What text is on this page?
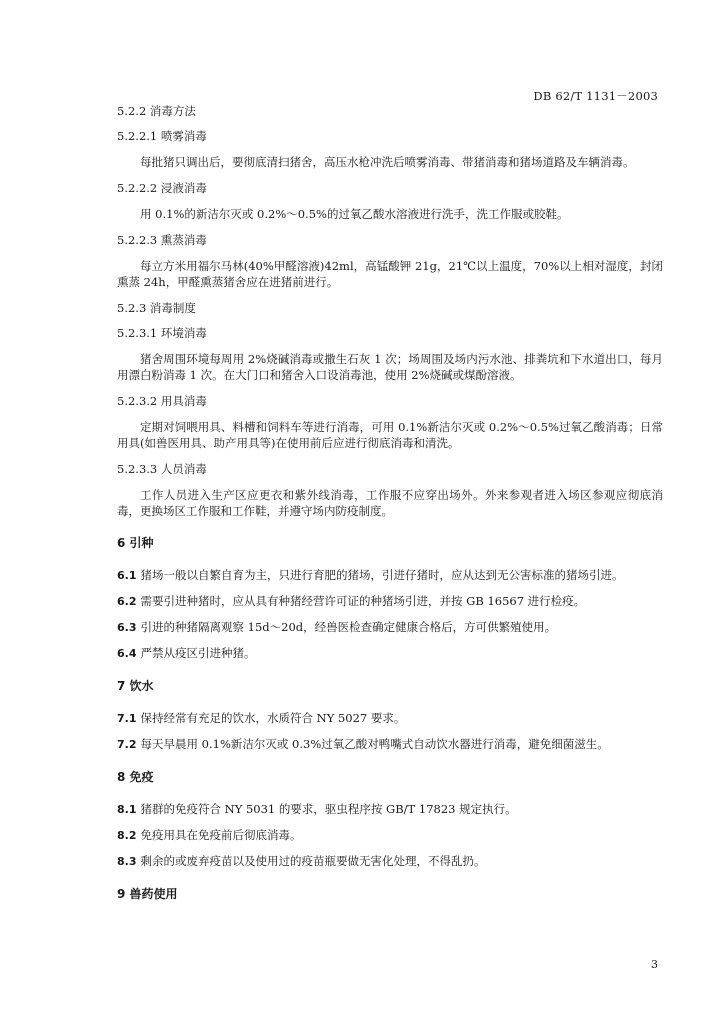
DB 62/T 1131－2003
5.2.2 消毒方法
5.2.2.1 喷雾消毒
每批猪只调出后，要彻底清扫猪舍，高压水枪冲洗后喷雾消毒、带猪消毒和猪场道路及车辆消毒。
5.2.2.2 浸液消毒
用 0.1%的新洁尔灭或 0.2%～0.5%的过氧乙酸水溶液进行洗手，洗工作服或胶鞋。
5.2.2.3 熏蒸消毒
每立方米用福尔马林(40%甲醛溶液)42ml，高锰酸钾 21g，21℃以上温度，70%以上相对湿度，封闭熏蒸 24h，甲醛熏蒸猪舍应在进猪前进行。
5.2.3 消毒制度
5.2.3.1 环境消毒
猪舍周围环境每周用 2%烧碱消毒或撒生石灰 1 次；场周围及场内污水池、排粪坑和下水道出口，每月用漂白粉消毒 1 次。在大门口和猪舍入口设消毒池，使用 2%烧碱或煤酚溶液。
5.2.3.2 用具消毒
定期对饲喂用具、料槽和饲料车等进行消毒，可用 0.1%新洁尔灭或 0.2%～0.5%过氧乙酸消毒；日常用具(如兽医用具、助产用具等)在使用前后应进行彻底消毒和清洗。
5.2.3.3 人员消毒
工作人员进入生产区应更衣和紫外线消毒，工作服不应穿出场外。外来参观者进入场区参观应彻底消毒，更换场区工作服和工作鞋，并遵守场内防疫制度。
6 引种
6.1 猪场一般以自繁自育为主，只进行育肥的猪场，引进仔猪时，应从达到无公害标准的猪场引进。
6.2 需要引进种猪时，应从具有种猪经营许可证的种猪场引进，并按 GB 16567 进行检疫。
6.3 引进的种猪隔离观察 15d～20d，经兽医检查确定健康合格后，方可供繁殖使用。
6.4 严禁从疫区引进种猪。
7 饮水
7.1 保持经常有充足的饮水，水质符合 NY 5027 要求。
7.2 每天早晨用 0.1%新洁尔灭或 0.3%过氧乙酸对鸭嘴式自动饮水器进行消毒，避免细菌滋生。
8 免疫
8.1 猪群的免疫符合 NY 5031 的要求，驱虫程序按 GB/T 17823 规定执行。
8.2 免疫用具在免疫前后彻底消毒。
8.3 剩余的或废弃疫苗以及使用过的疫苗瓶要做无害化处理，不得乱扔。
9 兽药使用
3
